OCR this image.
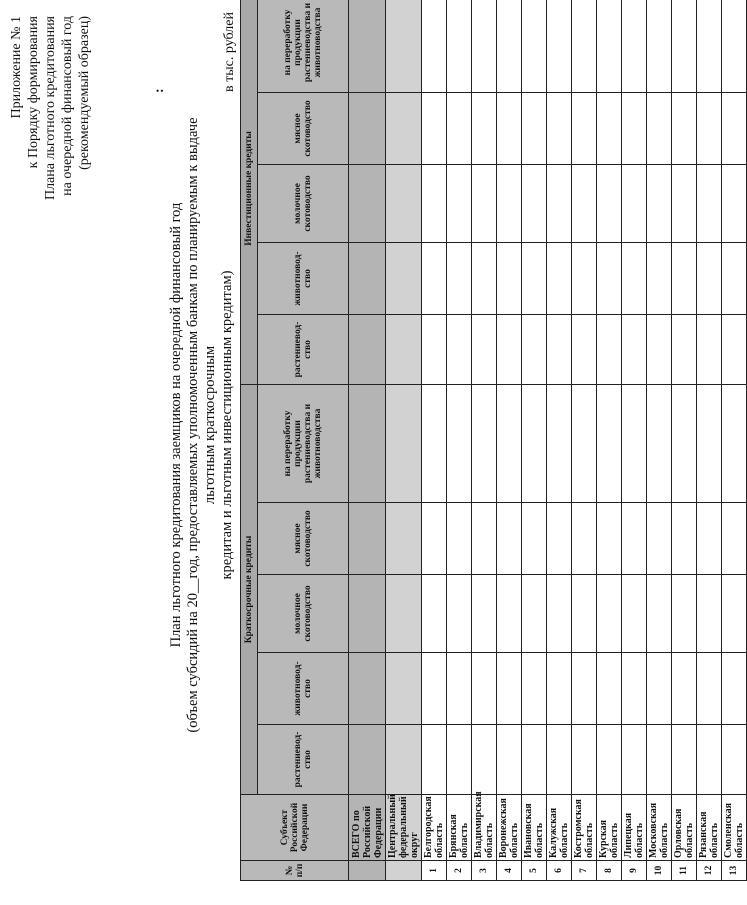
Приложение № 1 к Порядку формирования Плана льготного кредитования на очередной финансовый год (рекомендуемый образец)	:
План льготного кредитования заемщиков на очередной финансовый год (объем субсидий на 20__год, предоставляемых уполномоченным банкам по планируемым к выдаче льготным краткосрочным кредитам и льготным инвестиционным кредитам)
в тыс. рублей
№ п/п	Субъект Российской Федерации	Краткосрочные кредиты					Инвестиционные кредиты				
		растениевод-ство	животновод-ство	молочное скотоводство	мясное скотоводство	на переработку продукции растениеводства и животноводства	растениевод-ство	животновод-ство	молочное скотоводство	мясное скотоводство	на переработку продукции растениеводства и животноводства
	ВСЕГО по Российской Федерации										
	Центральный федеральный округ										
1	Белгородская область										
2	Брянская область										
3	Владимирская область										
4	Воронежская область										
5	Ивановская область										
6	Калужская область										
7	Костромская область										
8	Курская область										
9	Липецкая область										
10	Московская область										
11	Орловская область										
12	Рязанская область										
13	Смоленская область										
